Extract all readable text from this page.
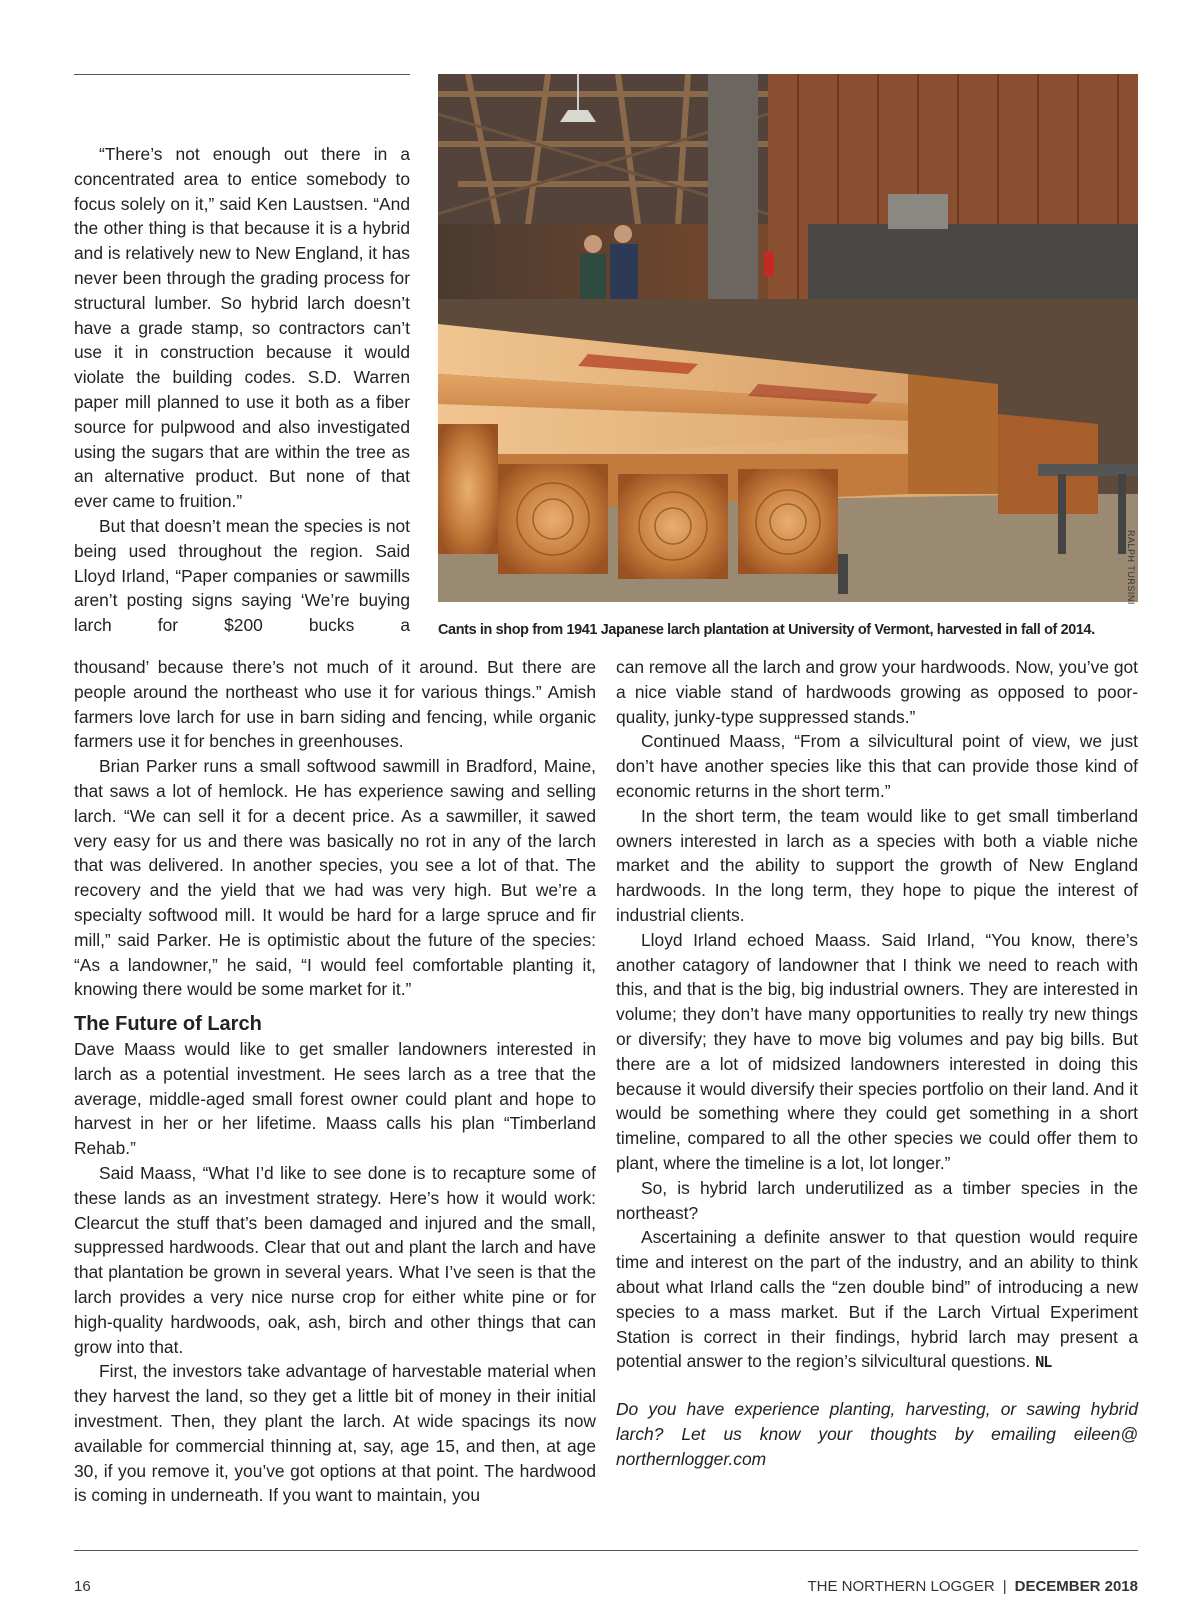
“There’s not enough out there in a concentrated area to entice somebody to focus solely on it,” said Ken Laustsen. “And the other thing is that because it is a hybrid and is relatively new to New England, it has never been through the grading process for structural lumber. So hybrid larch doesn’t have a grade stamp, so contractors can’t use it in construction because it would violate the building codes. S.D. Warren paper mill planned to use it both as a fiber source for pulpwood and also investigated using the sugars that are within the tree as an alternative product. But none of that ever came to fruition.”

But that doesn’t mean the species is not being used throughout the region. Said Lloyd Irland, “Paper companies or sawmills aren’t posting signs saying ‘We’re buying larch for $200 bucks a

RALPH TURSINI
Cants in shop from 1941 Japanese larch plantation at University of Vermont, harvested in fall of 2014.

thousand’ because there’s not much of it around. But there are people around the northeast who use it for various things.” Amish farmers love larch for use in barn siding and fencing, while organic farmers use it for benches in greenhouses.

Brian Parker runs a small softwood sawmill in Bradford, Maine, that saws a lot of hemlock. He has experience sawing and selling larch. “We can sell it for a decent price. As a sawmiller, it sawed very easy for us and there was basically no rot in any of the larch that was delivered. In another species, you see a lot of that. The recovery and the yield that we had was very high. But we’re a specialty softwood mill. It would be hard for a large spruce and fir mill,” said Parker. He is optimistic about the future of the species: “As a landowner,” he said, “I would feel comfortable planting it, knowing there would be some market for it.”

The Future of Larch

Dave Maass would like to get smaller landowners interested in larch as a potential investment. He sees larch as a tree that the average, middle-aged small forest owner could plant and hope to harvest in her or her lifetime. Maass calls his plan “Timberland Rehab.”

Said Maass, “What I’d like to see done is to recapture some of these lands as an investment strategy. Here’s how it would work: Clearcut the stuff that’s been damaged and injured and the small, suppressed hardwoods. Clear that out and plant the larch and have that plantation be grown in several years. What I’ve seen is that the larch provides a very nice nurse crop for either white pine or for high-quality hardwoods, oak, ash, birch and other things that can grow into that.

First, the investors take advantage of harvestable material when they harvest the land, so they get a little bit of money in their initial investment. Then, they plant the larch. At wide spacings its now available for commercial thinning at, say, age 15, and then, at age 30, if you remove it, you’ve got options at that point. The hardwood is coming in underneath. If you want to maintain, you

can remove all the larch and grow your hardwoods. Now, you’ve got a nice viable stand of hardwoods growing as opposed to poor-quality, junky-type suppressed stands.”

Continued Maass, “From a silvicultural point of view, we just don’t have another species like this that can provide those kind of economic returns in the short term.”

In the short term, the team would like to get small timberland owners interested in larch as a species with both a viable niche market and the ability to support the growth of New England hardwoods. In the long term, they hope to pique the interest of industrial clients.

Lloyd Irland echoed Maass. Said Irland, “You know, there’s another catagory of landowner that I think we need to reach with this, and that is the big, big industrial owners. They are interested in volume; they don’t have many opportunities to really try new things or diversify; they have to move big volumes and pay big bills. But there are a lot of midsized landowners interested in doing this because it would diversify their species portfolio on their land. And it would be something where they could get something in a short timeline, compared to all the other species we could offer them to plant, where the timeline is a lot, lot longer.”

So, is hybrid larch underutilized as a timber species in the northeast?

Ascertaining a definite answer to that question would require time and interest on the part of the industry, and an ability to think about what Irland calls the “zen double bind” of introducing a new species to a mass market. But if the Larch Virtual Experiment Station is correct in their findings, hybrid larch may present a potential answer to the region’s silvicultural questions. NL

Do you have experience planting, harvesting, or sawing hybrid larch? Let us know your thoughts by emailing eileen@ northernlogger.com

16	THE NORTHERN LOGGER | DECEMBER 2018
